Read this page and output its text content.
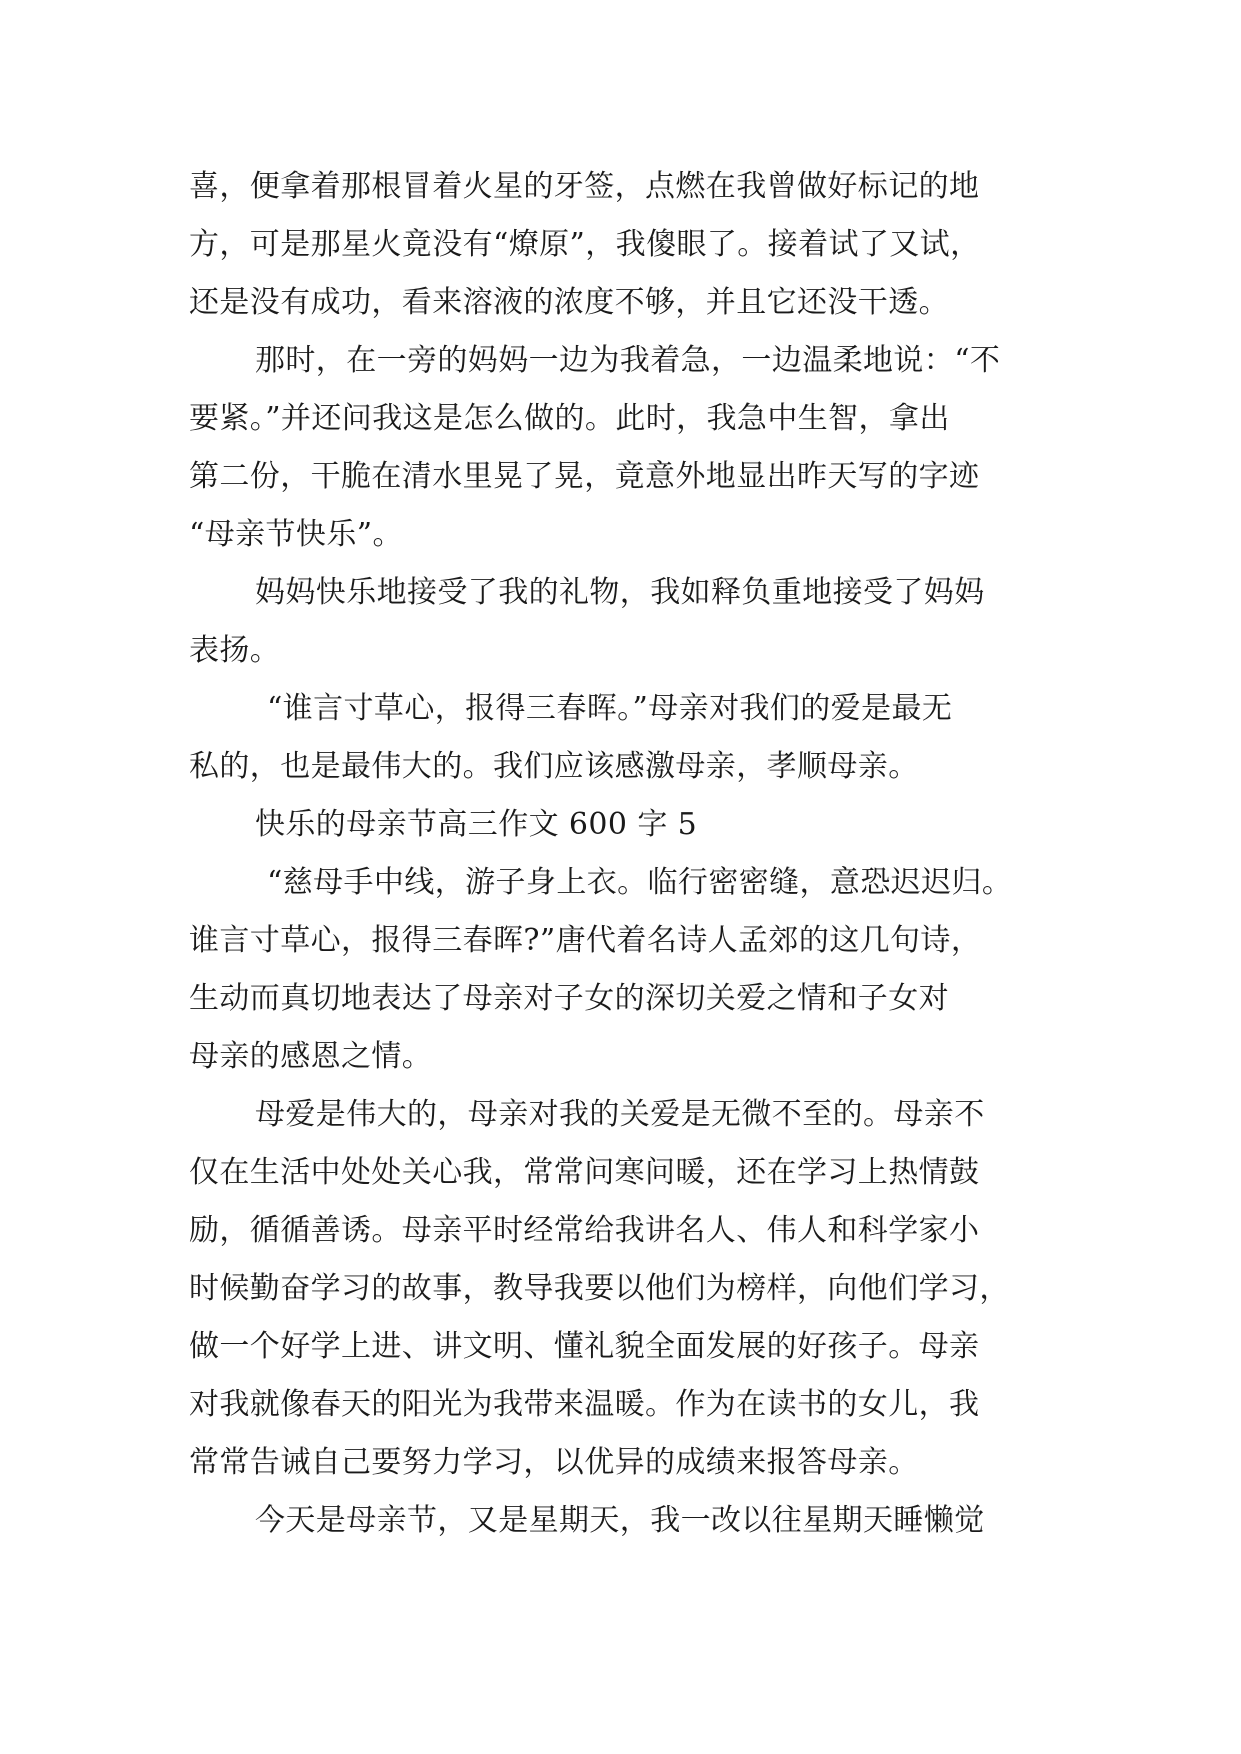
喜，便拿着那根冒着火星的牙签，点燃在我曾做好标记的地
方，可是那星火竟没有“燎原”，我傻眼了。接着试了又试，
还是没有成功，看来溶液的浓度不够，并且它还没干透。
那时，在一旁的妈妈一边为我着急，一边温柔地说：“不
要紧。”并还问我这是怎么做的。此时，我急中生智，拿出
第二份，干脆在清水里晃了晃，竟意外地显出昨天写的字迹
“母亲节快乐”。
妈妈快乐地接受了我的礼物，我如释负重地接受了妈妈
表扬。
“谁言寸草心，报得三春晖。”母亲对我们的爱是最无
私的，也是最伟大的。我们应该感激母亲，孝顺母亲。
快乐的母亲节高三作文 600 字 5
“慈母手中线，游子身上衣。临行密密缝，意恐迟迟归。
谁言寸草心，报得三春晖?”唐代着名诗人孟郊的这几句诗，
生动而真切地表达了母亲对子女的深切关爱之情和子女对
母亲的感恩之情。
母爱是伟大的，母亲对我的关爱是无微不至的。母亲不
仅在生活中处处关心我，常常问寒问暖，还在学习上热情鼓
励，循循善诱。母亲平时经常给我讲名人、伟人和科学家小
时候勤奋学习的故事，教导我要以他们为榜样，向他们学习，
做一个好学上进、讲文明、懂礼貌全面发展的好孩子。母亲
对我就像春天的阳光为我带来温暖。作为在读书的女儿，我
常常告诫自己要努力学习，以优异的成绩来报答母亲。
今天是母亲节，又是星期天，我一改以往星期天睡懒觉
